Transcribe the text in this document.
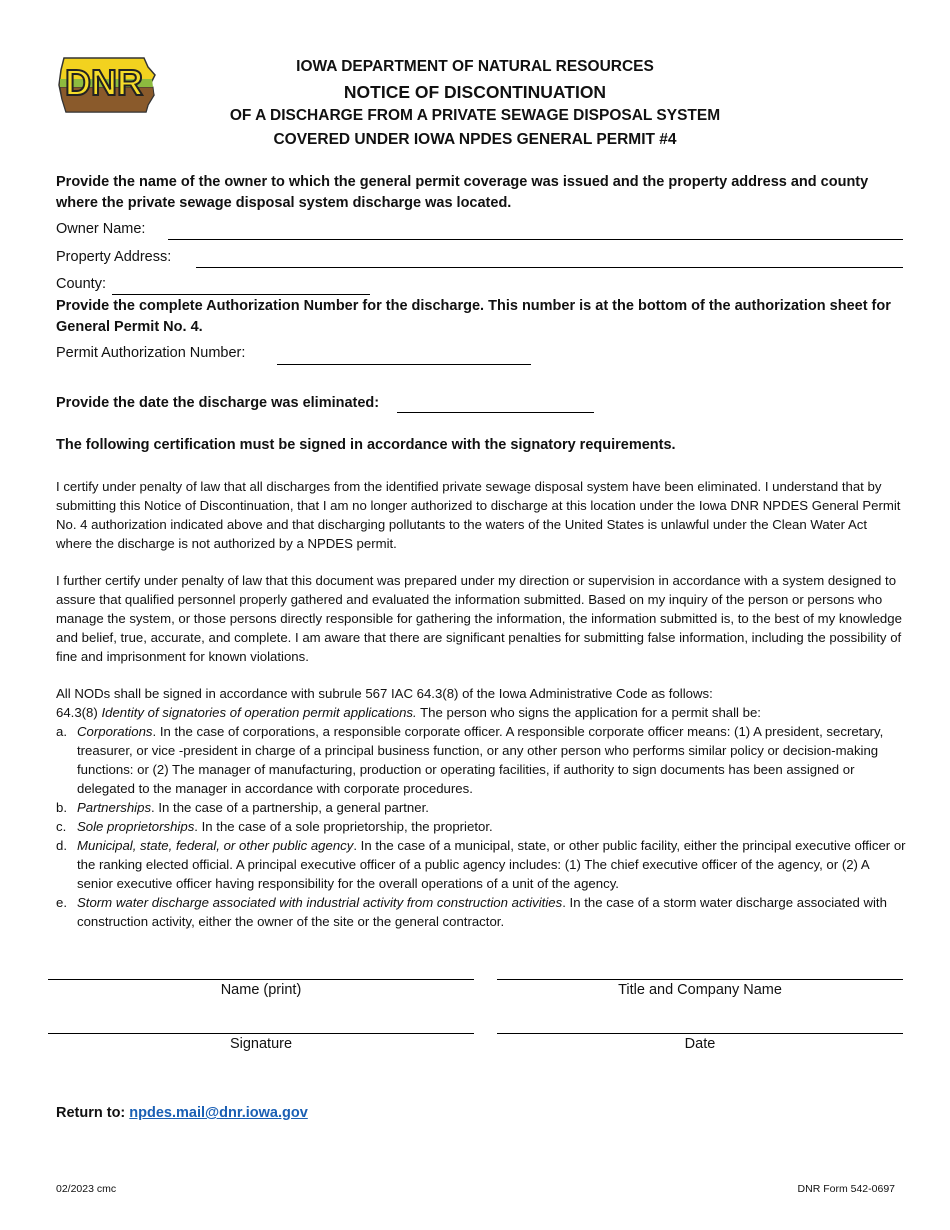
DNR	IOWA DEPARTMENT OF NATURAL RESOURCES
NOTICE OF DISCONTINUATION
OF A DISCHARGE FROM A PRIVATE SEWAGE DISPOSAL SYSTEM
COVERED UNDER IOWA NPDES GENERAL PERMIT #4
Provide the name of the owner to which the general permit coverage was issued and the property address and county where the private sewage disposal system discharge was located.
Owner Name:
Property Address:
County:
Provide the complete Authorization Number for the discharge. This number is at the bottom of the authorization sheet for General Permit No. 4.
Permit Authorization Number:
Provide the date the discharge was eliminated:
The following certification must be signed in accordance with the signatory requirements.
I certify under penalty of law that all discharges from the identified private sewage disposal system have been eliminated. I understand that by submitting this Notice of Discontinuation, that I am no longer authorized to discharge at this location under the Iowa DNR NPDES General Permit No. 4 authorization indicated above and that discharging pollutants to the waters of the United States is unlawful under the Clean Water Act where the discharge is not authorized by a NPDES permit.
I further certify under penalty of law that this document was prepared under my direction or supervision in accordance with a system designed to assure that qualified personnel properly gathered and evaluated the information submitted. Based on my inquiry of the person or persons who manage the system, or those persons directly responsible for gathering the information, the information submitted is, to the best of my knowledge and belief, true, accurate, and complete. I am aware that there are significant penalties for submitting false information, including the possibility of fine and imprisonment for known violations.
All NODs shall be signed in accordance with subrule 567 IAC 64.3(8) of the Iowa Administrative Code as follows:
64.3(8) Identity of signatories of operation permit applications. The person who signs the application for a permit shall be:
a. Corporations. In the case of corporations, a responsible corporate officer. A responsible corporate officer means: (1) A president, secretary, treasurer, or vice -president in charge of a principal business function, or any other person who performs similar policy or decision-making functions: or (2) The manager of manufacturing, production or operating facilities, if authority to sign documents has been assigned or delegated to the manager in accordance with corporate procedures.
b. Partnerships. In the case of a partnership, a general partner.
c. Sole proprietorships. In the case of a sole proprietorship, the proprietor.
d. Municipal, state, federal, or other public agency. In the case of a municipal, state, or other public facility, either the principal executive officer or the ranking elected official. A principal executive officer of a public agency includes: (1) The chief executive officer of the agency, or (2) A senior executive officer having responsibility for the overall operations of a unit of the agency.
e. Storm water discharge associated with industrial activity from construction activities. In the case of a storm water discharge associated with construction activity, either the owner of the site or the general contractor.
Name (print)	Title and Company Name
Signature	Date
Return to: npdes.mail@dnr.iowa.gov
02/2023 cmc	DNR Form 542-0697
